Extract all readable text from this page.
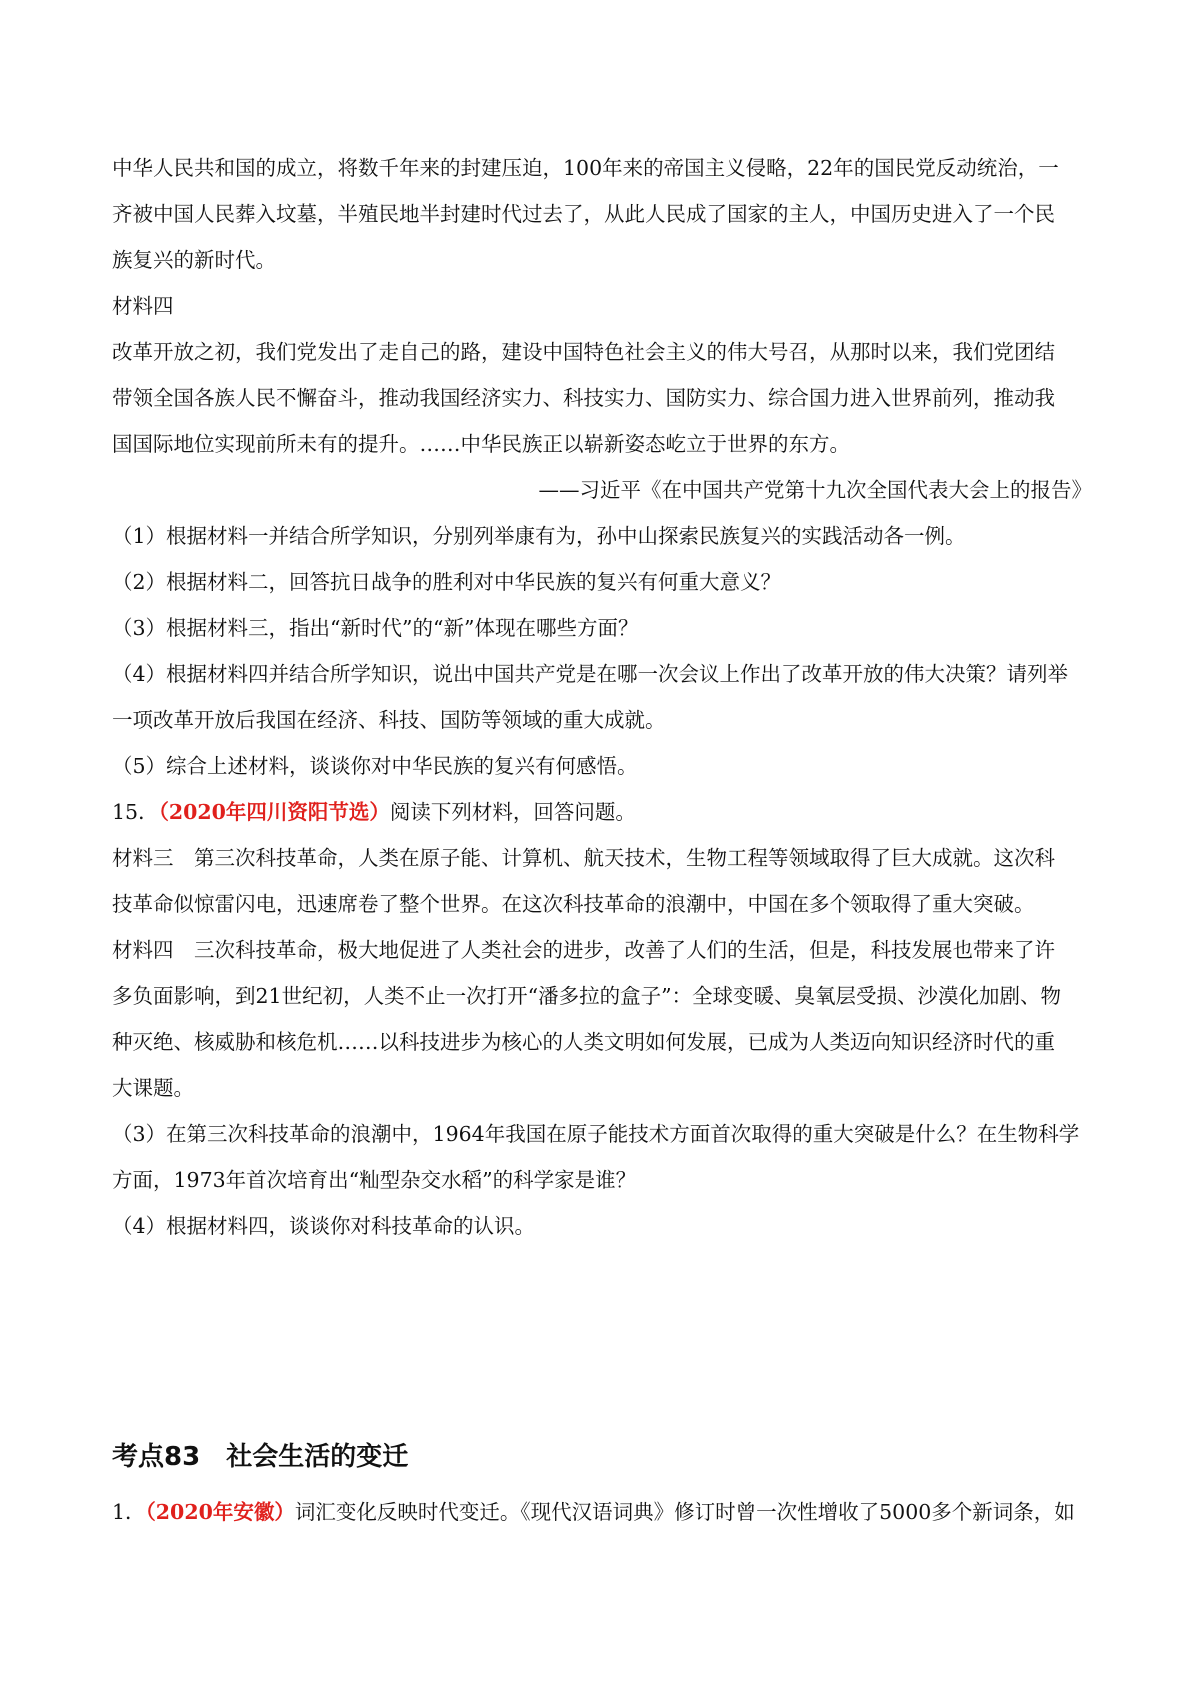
中华人民共和国的成立，将数千年来的封建压迫，100年来的帝国主义侵略，22年的国民党反动统治，一
齐被中国人民葬入坟墓，半殖民地半封建时代过去了，从此人民成了国家的主人，中国历史进入了一个民
族复兴的新时代。
材料四
改革开放之初，我们党发出了走自己的路，建设中国特色社会主义的伟大号召，从那时以来，我们党团结
带领全国各族人民不懈奋斗，推动我国经济实力、科技实力、国防实力、综合国力进入世界前列，推动我
国国际地位实现前所未有的提升。……中华民族正以崭新姿态屹立于世界的东方。
——习近平《在中国共产党第十九次全国代表大会上的报告》
（1）根据材料一并结合所学知识，分别列举康有为，孙中山探索民族复兴的实践活动各一例。
（2）根据材料二，回答抗日战争的胜利对中华民族的复兴有何重大意义？
（3）根据材料三，指出“新时代”的“新”体现在哪些方面？
（4）根据材料四并结合所学知识，说出中国共产党是在哪一次会议上作出了改革开放的伟大决策？请列举
一项改革开放后我国在经济、科技、国防等领域的重大成就。
（5）综合上述材料，谈谈你对中华民族的复兴有何感悟。
15．（2020年四川资阳节选）阅读下列材料，回答问题。
材料三　第三次科技革命，人类在原子能、计算机、航天技术，生物工程等领域取得了巨大成就。这次科
技革命似惊雷闪电，迅速席卷了整个世界。在这次科技革命的浪潮中，中国在多个领取得了重大突破。
材料四　三次科技革命，极大地促进了人类社会的进步，改善了人们的生活，但是，科技发展也带来了许
多负面影响，到21世纪初，人类不止一次打开“潘多拉的盒子”：全球变暖、臭氧层受损、沙漠化加剧、物
种灭绝、核威胁和核危机……以科技进步为核心的人类文明如何发展，已成为人类迈向知识经济时代的重
大课题。
（3）在第三次科技革命的浪潮中，1964年我国在原子能技术方面首次取得的重大突破是什么？在生物科学
方面，1973年首次培育出“籼型杂交水稻”的科学家是谁？
（4）根据材料四，谈谈你对科技革命的认识。
考点83 社会生活的变迁
1．（2020年安徽）词汇变化反映时代变迁。《现代汉语词典》修订时曾一次性增收了5000多个新词条，如
